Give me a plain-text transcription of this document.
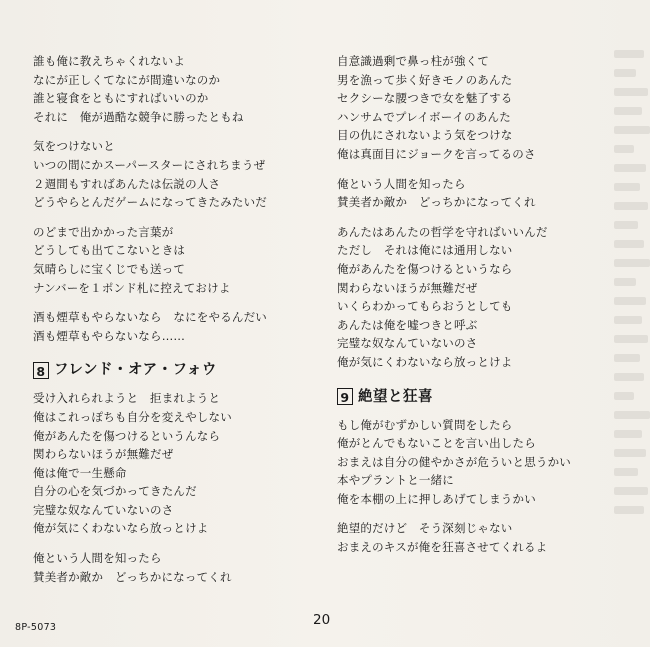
誰も俺に教えちゃくれないよ
なにが正しくてなにが間違いなのか
誰と寝食をともにすればいいのか
それに　俺が過酷な競争に勝ったともね
気をつけないと
いつの間にかスーパースターにされちまうぜ
２週間もすればあんたは伝説の人さ
どうやらとんだゲームになってきたみたいだ
のどまで出かかった言葉が
どうしても出てこないときは
気晴らしに宝くじでも送って
ナンバーを１ポンド札に控えておけよ
酒も煙草もやらないなら　なにをやるんだい
酒も煙草もやらないなら……
8 フレンド・オア・フォウ
受け入れられようと　拒まれようと
俺はこれっぽちも自分を変えやしない
俺があんたを傷つけるというんなら
関わらないほうが無難だぜ
俺は俺で一生懸命
自分の心を気づかってきたんだ
完璧な奴なんていないのさ
俺が気にくわないなら放っとけよ
俺という人間を知ったら
賛美者か敵か　どっちかになってくれ
自意識過剰で鼻っ柱が強くて
男を漁って歩く好きモノのあんた
セクシーな腰つきで女を魅了する
ハンサムでプレイボーイのあんた
目の仇にされないよう気をつけな
俺は真面目にジョークを言ってるのさ
俺という人間を知ったら
賛美者か敵か　どっちかになってくれ
あんたはあんたの哲学を守ればいいんだ
ただし　それは俺には通用しない
俺があんたを傷つけるというなら
関わらないほうが無難だぜ
いくらわかってもらおうとしても
あんたは俺を嘘つきと呼ぶ
完璧な奴なんていないのさ
俺が気にくわないなら放っとけよ
9 絶望と狂喜
もし俺がむずかしい質問をしたら
俺がとんでもないことを言い出したら
おまえは自分の健やかさが危ういと思うかい
本やプラントと一緒に
俺を本棚の上に押しあげてしまうかい
絶望的だけど　そう深刻じゃない
おまえのキスが俺を狂喜させてくれるよ
8P-5073	20
